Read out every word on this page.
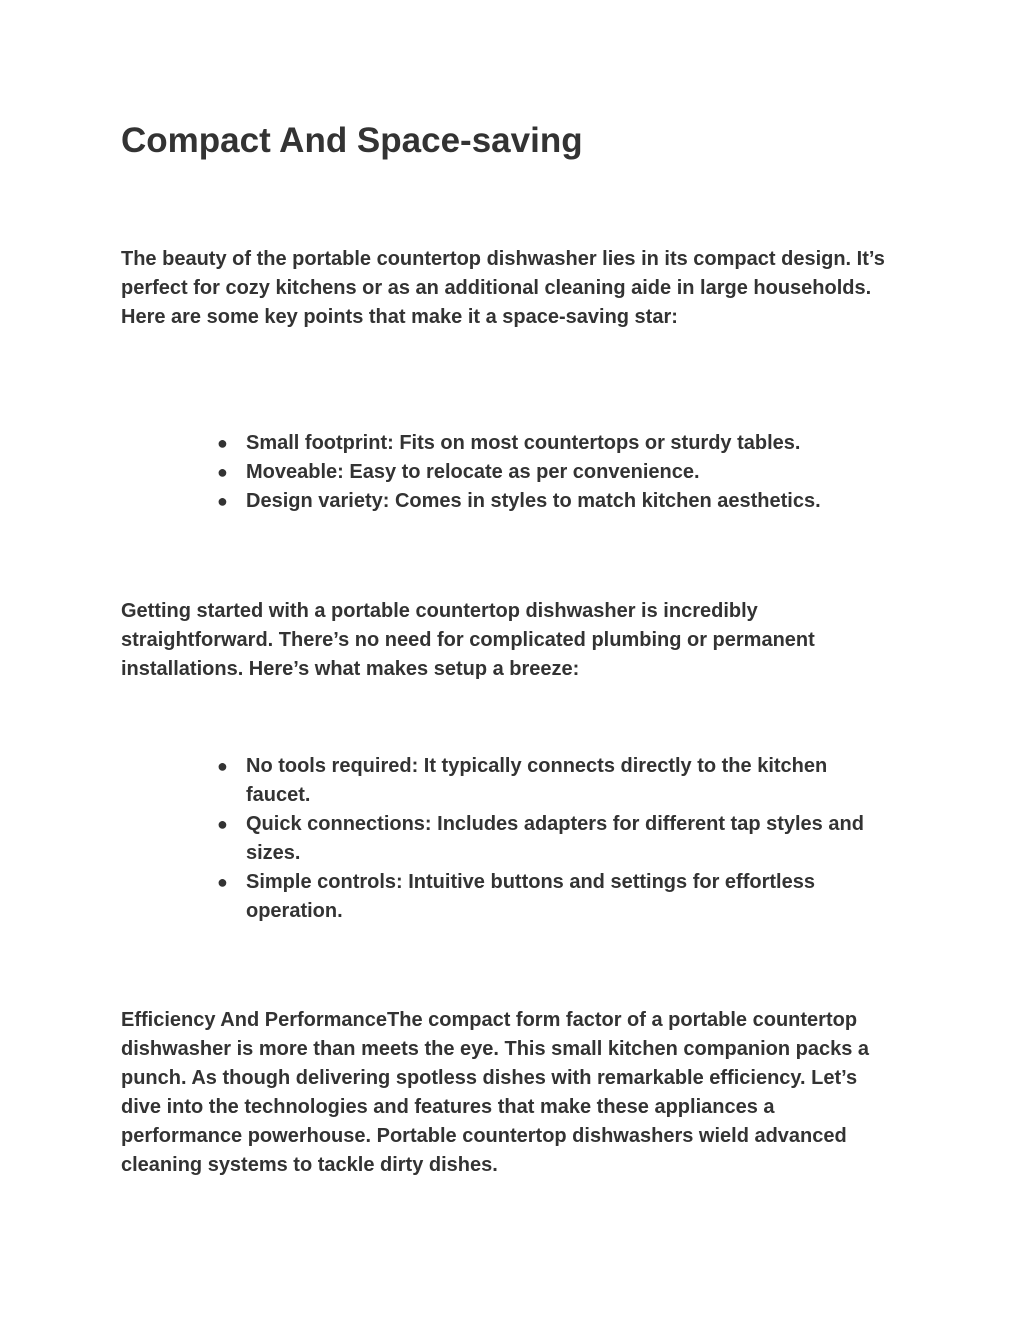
Compact And Space-saving

The beauty of the portable countertop dishwasher lies in its compact design. It’s perfect for cozy kitchens or as an additional cleaning aide in large households. Here are some key points that make it a space-saving star:

● Small footprint: Fits on most countertops or sturdy tables.
● Moveable: Easy to relocate as per convenience.
● Design variety: Comes in styles to match kitchen aesthetics.

Getting started with a portable countertop dishwasher is incredibly straightforward. There’s no need for complicated plumbing or permanent installations. Here’s what makes setup a breeze:

● No tools required: It typically connects directly to the kitchen faucet.
● Quick connections: Includes adapters for different tap styles and sizes.
● Simple controls: Intuitive buttons and settings for effortless operation.

Efficiency And PerformanceThe compact form factor of a portable countertop dishwasher is more than meets the eye. This small kitchen companion packs a punch. As though delivering spotless dishes with remarkable efficiency. Let’s dive into the technologies and features that make these appliances a performance powerhouse. Portable countertop dishwashers wield advanced cleaning systems to tackle dirty dishes.
